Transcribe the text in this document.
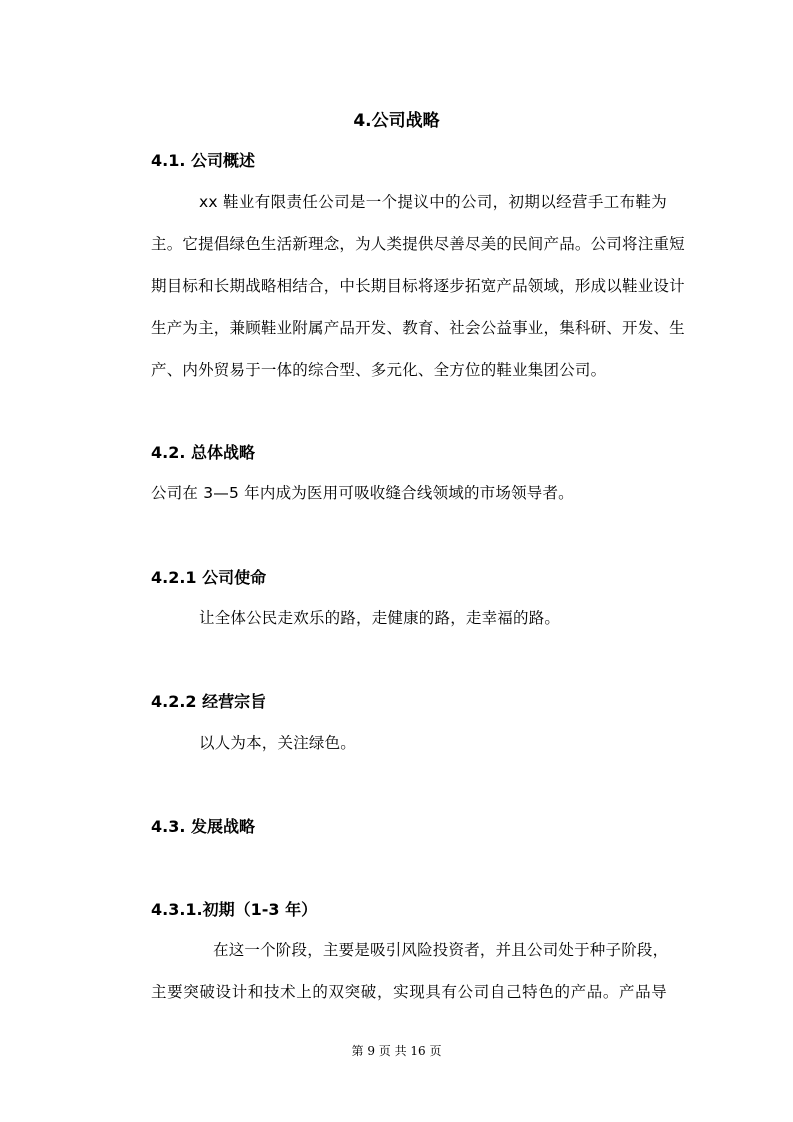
4.公司战略
4.1. 公司概述

xx 鞋业有限责任公司是一个提议中的公司，初期以经营手工布鞋为

主。它提倡绿色生活新理念，为人类提供尽善尽美的民间产品。公司将注重短

期目标和长期战略相结合，中长期目标将逐步拓宽产品领域，形成以鞋业设计

生产为主，兼顾鞋业附属产品开发、教育、社会公益事业，集科研、开发、生

产、内外贸易于一体的综合型、多元化、全方位的鞋业集团公司。

4.2. 总体战略

公司在 3—5 年内成为医用可吸收缝合线领域的市场领导者。

4.2.1 公司使命

让全体公民走欢乐的路，走健康的路，走幸福的路。

4.2.2 经营宗旨

以人为本，关注绿色。

4.3. 发展战略
4.3.1.初期（1-3 年）

在这一个阶段，主要是吸引风险投资者，并且公司处于种子阶段，

主要突破设计和技术上的双突破，实现具有公司自己特色的产品。产品导

第 9 页 共 16 页
